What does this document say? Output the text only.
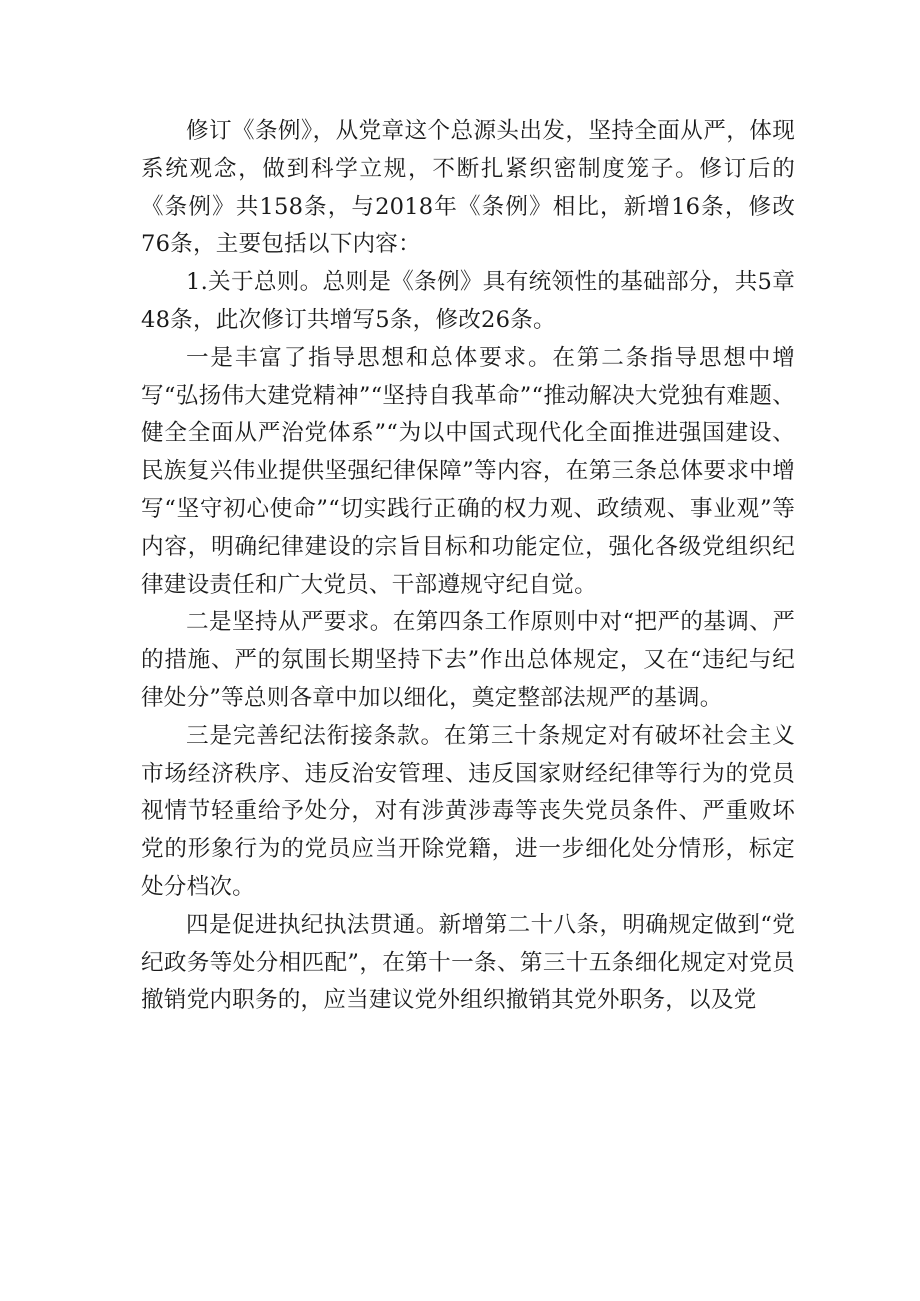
修订《条例》，从党章这个总源头出发，坚持全面从严，体现系统观念，做到科学立规，不断扎紧织密制度笼子。修订后的《条例》共158条，与2018年《条例》相比，新增16条，修改76条，主要包括以下内容：

1.关于总则。总则是《条例》具有统领性的基础部分，共5章48条，此次修订共增写5条，修改26条。

一是丰富了指导思想和总体要求。在第二条指导思想中增写“弘扬伟大建党精神”“坚持自我革命”“推动解决大党独有难题、健全全面从严治党体系”“为以中国式现代化全面推进强国建设、民族复兴伟业提供坚强纪律保障”等内容，在第三条总体要求中增写“坚守初心使命”“切实践行正确的权力观、政绩观、事业观”等内容，明确纪律建设的宗旨目标和功能定位，强化各级党组织纪律建设责任和广大党员、干部遵规守纪自觉。

二是坚持从严要求。在第四条工作原则中对“把严的基调、严的措施、严的氛围长期坚持下去”作出总体规定，又在“违纪与纪律处分”等总则各章中加以细化，奠定整部法规严的基调。

三是完善纪法衔接条款。在第三十条规定对有破坏社会主义市场经济秩序、违反治安管理、违反国家财经纪律等行为的党员视情节轻重给予处分，对有涉黄涉毒等丧失党员条件、严重败坏党的形象行为的党员应当开除党籍，进一步细化处分情形，标定处分档次。

四是促进执纪执法贯通。新增第二十八条，明确规定做到“党纪政务等处分相匹配”，在第十一条、第三十五条细化规定对党员撤销党内职务的，应当建议党外组织撤销其党外职务，以及党
